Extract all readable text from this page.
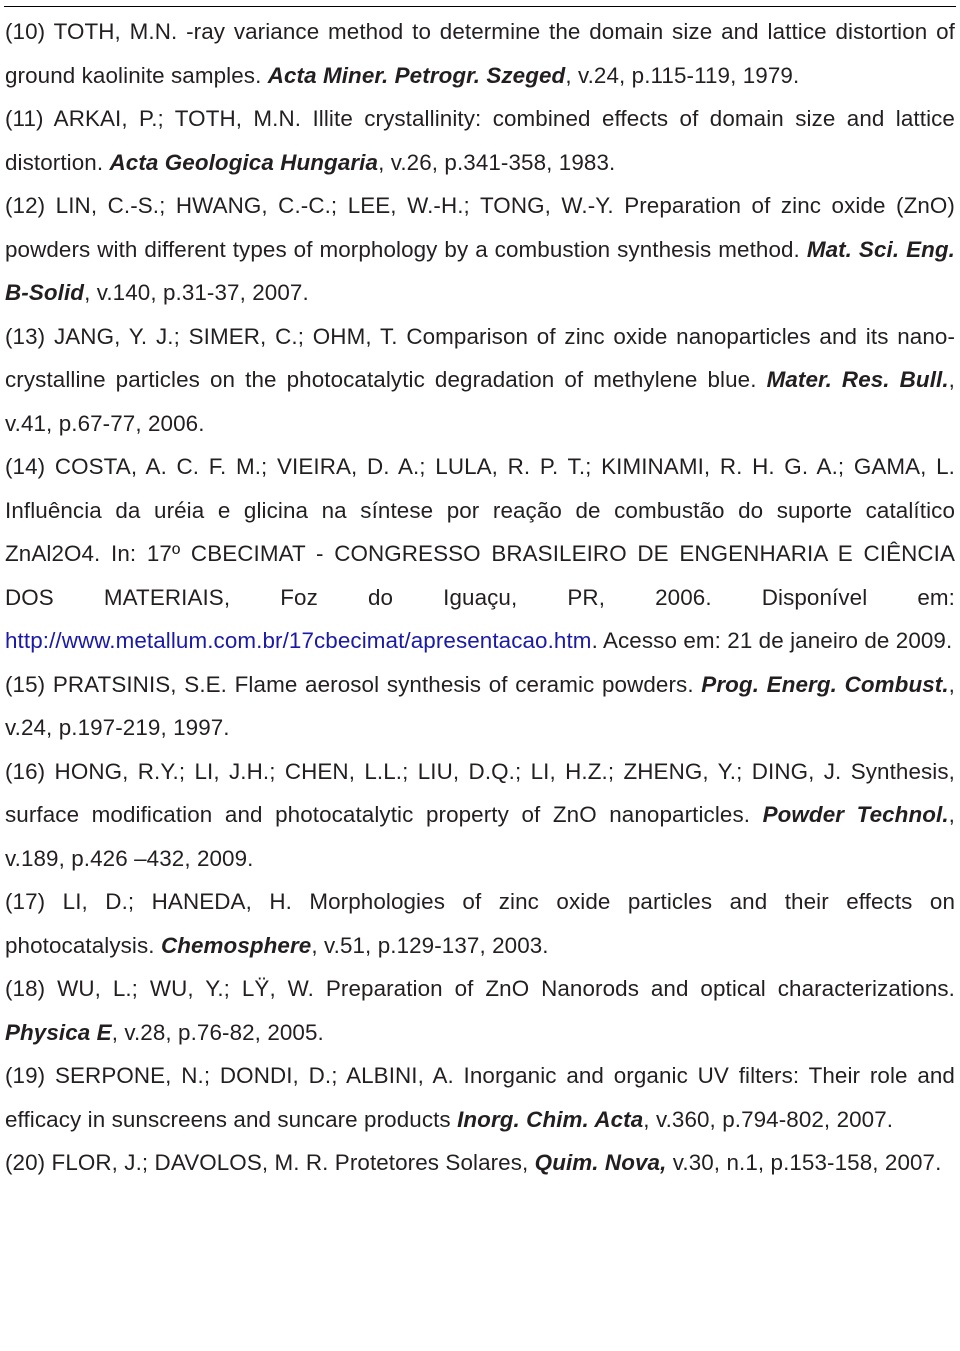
(10) TOTH, M.N. -ray variance method to determine the domain size and lattice distortion of ground kaolinite samples. Acta Miner. Petrogr. Szeged, v.24, p.115-119, 1979.

(11) ARKAI, P.; TOTH, M.N. Illite crystallinity: combined effects of domain size and lattice distortion. Acta Geologica Hungaria, v.26, p.341-358, 1983.

(12) LIN, C.-S.; HWANG, C.-C.; LEE, W.-H.; TONG, W.-Y. Preparation of zinc oxide (ZnO) powders with different types of morphology by a combustion synthesis method. Mat. Sci. Eng. B-Solid, v.140, p.31-37, 2007.

(13) JANG, Y. J.; SIMER, C.; OHM, T. Comparison of zinc oxide nanoparticles and its nano-crystalline particles on the photocatalytic degradation of methylene blue. Mater. Res. Bull., v.41, p.67-77, 2006.

(14) COSTA, A. C. F. M.; VIEIRA, D. A.; LULA, R. P. T.; KIMINAMI, R. H. G. A.; GAMA, L. Influência da uréia e glicina na síntese por reação de combustão do suporte catalítico ZnAl2O4. In: 17º CBECIMAT - CONGRESSO BRASILEIRO DE ENGENHARIA E CIÊNCIA DOS MATERIAIS, Foz do Iguaçu, PR, 2006. Disponível em: http://www.metallum.com.br/17cbecimat/apresentacao.htm. Acesso em: 21 de janeiro de 2009.

(15) PRATSINIS, S.E. Flame aerosol synthesis of ceramic powders. Prog. Energ. Combust., v.24, p.197-219, 1997.

(16) HONG, R.Y.; LI, J.H.; CHEN, L.L.; LIU, D.Q.; LI, H.Z.; ZHENG, Y.; DING, J. Synthesis, surface modification and photocatalytic property of ZnO nanoparticles. Powder Technol., v.189, p.426 –432, 2009.

(17) LI, D.; HANEDA, H. Morphologies of zinc oxide particles and their effects on photocatalysis. Chemosphere, v.51, p.129-137, 2003.

(18) WU, L.; WU, Y.; LŸ, W. Preparation of ZnO Nanorods and optical characterizations. Physica E, v.28, p.76-82, 2005.

(19) SERPONE, N.; DONDI, D.; ALBINI, A. Inorganic and organic UV filters: Their role and efficacy in sunscreens and suncare products Inorg. Chim. Acta, v.360, p.794-802, 2007.

(20) FLOR, J.; DAVOLOS, M. R. Protetores Solares, Quim. Nova, v.30, n.1, p.153-158, 2007.
